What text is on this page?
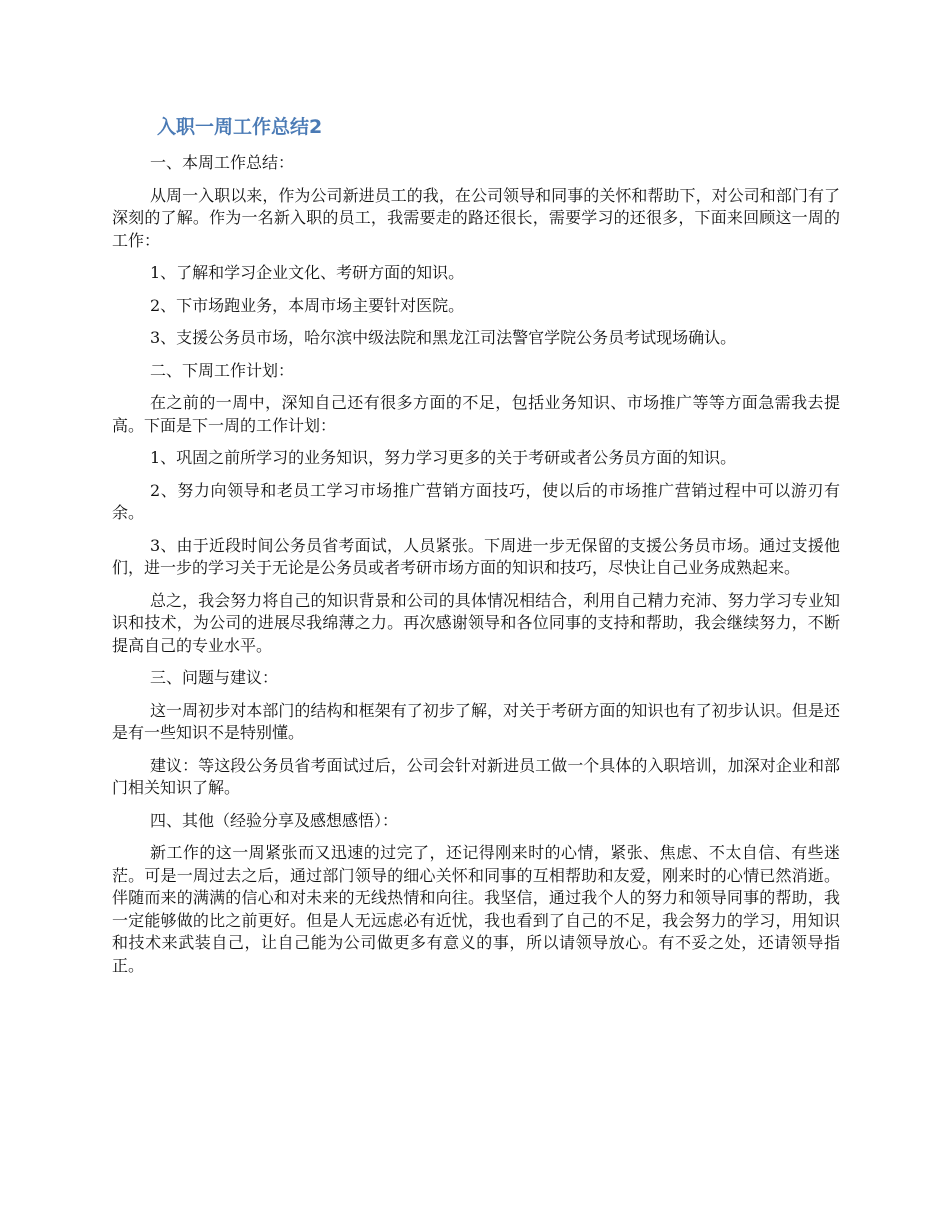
入职一周工作总结2

一、本周工作总结：

从周一入职以来，作为公司新进员工的我，在公司领导和同事的关怀和帮助下，对公司和部门有了深刻的了解。作为一名新入职的员工，我需要走的路还很长，需要学习的还很多，下面来回顾这一周的工作：

1、了解和学习企业文化、考研方面的知识。

2、下市场跑业务，本周市场主要针对医院。

3、支援公务员市场，哈尔滨中级法院和黑龙江司法警官学院公务员考试现场确认。

二、下周工作计划：

在之前的一周中，深知自己还有很多方面的不足，包括业务知识、市场推广等等方面急需我去提高。下面是下一周的工作计划：

1、巩固之前所学习的业务知识，努力学习更多的关于考研或者公务员方面的知识。

2、努力向领导和老员工学习市场推广营销方面技巧，使以后的市场推广营销过程中可以游刃有余。

3、由于近段时间公务员省考面试，人员紧张。下周进一步无保留的支援公务员市场。通过支援他们，进一步的学习关于无论是公务员或者考研市场方面的知识和技巧，尽快让自己业务成熟起来。

总之，我会努力将自己的知识背景和公司的具体情况相结合，利用自己精力充沛、努力学习专业知识和技术，为公司的进展尽我绵薄之力。再次感谢领导和各位同事的支持和帮助，我会继续努力，不断提高自己的专业水平。

三、问题与建议：

这一周初步对本部门的结构和框架有了初步了解，对关于考研方面的知识也有了初步认识。但是还是有一些知识不是特别懂。

建议：等这段公务员省考面试过后，公司会针对新进员工做一个具体的入职培训，加深对企业和部门相关知识了解。

四、其他（经验分享及感想感悟）：

新工作的这一周紧张而又迅速的过完了，还记得刚来时的心情，紧张、焦虑、不太自信、有些迷茫。可是一周过去之后，通过部门领导的细心关怀和同事的互相帮助和友爱，刚来时的心情已然消逝。伴随而来的满满的信心和对未来的无线热情和向往。我坚信，通过我个人的努力和领导同事的帮助，我一定能够做的比之前更好。但是人无远虑必有近忧，我也看到了自己的不足，我会努力的学习，用知识和技术来武装自己，让自己能为公司做更多有意义的事，所以请领导放心。有不妥之处，还请领导指正。
